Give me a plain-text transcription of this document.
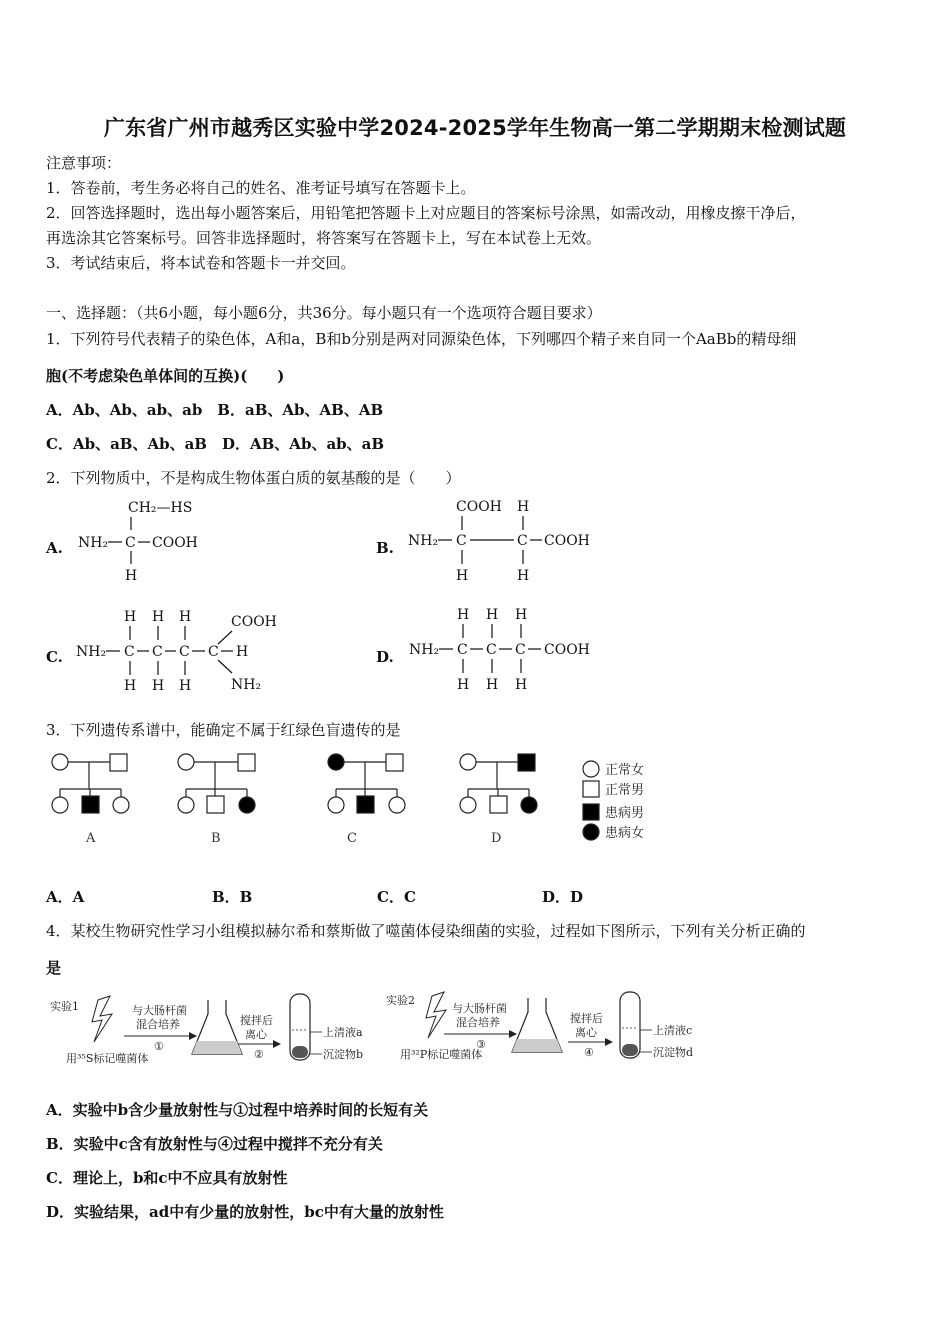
广东省广州市越秀区实验中学2024-2025学年生物高一第二学期期末检测试题
注意事项：
1．答卷前，考生务必将自己的姓名、准考证号填写在答题卡上。
2．回答选择题时，选出每小题答案后，用铅笔把答题卡上对应题目的答案标号涂黑，如需改动，用橡皮擦干净后，
再选涂其它答案标号。回答非选择题时，将答案写在答题卡上，写在本试卷上无效。
3．考试结束后，将本试卷和答题卡一并交回。
一、选择题：（共6小题，每小题6分，共36分。每小题只有一个选项符合题目要求）
1．下列符号代表精子的染色体，A和a，B和b分别是两对同源染色体，下列哪四个精子来自同一个AaBb的精母细
胞(不考虑染色单体间的互换)(　　)
A．Ab、Ab、ab、ab　B．aB、Ab、AB、AB
C．Ab、aB、Ab、aB　D．AB、Ab、ab、aB
2．下列物质中，不是构成生物体蛋白质的氨基酸的是（　　）
A.	B.
C.	D.
CH₂—HS
NH₂ C COOH
H
COOH H
NH₂ C	C COOH
H	H
H H H	COOH
NH₂ C C C C H
H H H	NH₂
H H H
NH₂ C C C COOH
H H H
3．下列遗传系谱中，能确定不属于红绿色盲遗传的是
A	B	C	D
正常女
正常男
患病男
患病女
A．A	B．B	C．C	D．D
4．某校生物研究性学习小组模拟赫尔希和蔡斯做了噬菌体侵染细菌的实验，过程如下图所示，下列有关分析正确的
是
实验1
用³⁵S标记噬菌体
与大肠杆菌
混合培养
①
搅拌后
离心
②
上清液a
沉淀物b
实验2
用³²P标记噬菌体
与大肠杆菌
混合培养
③
搅拌后
离心
④
上清液c
沉淀物d
A．实验中b含少量放射性与①过程中培养时间的长短有关
B．实验中c含有放射性与④过程中搅拌不充分有关
C．理论上，b和c中不应具有放射性
D．实验结果，ad中有少量的放射性，bc中有大量的放射性
